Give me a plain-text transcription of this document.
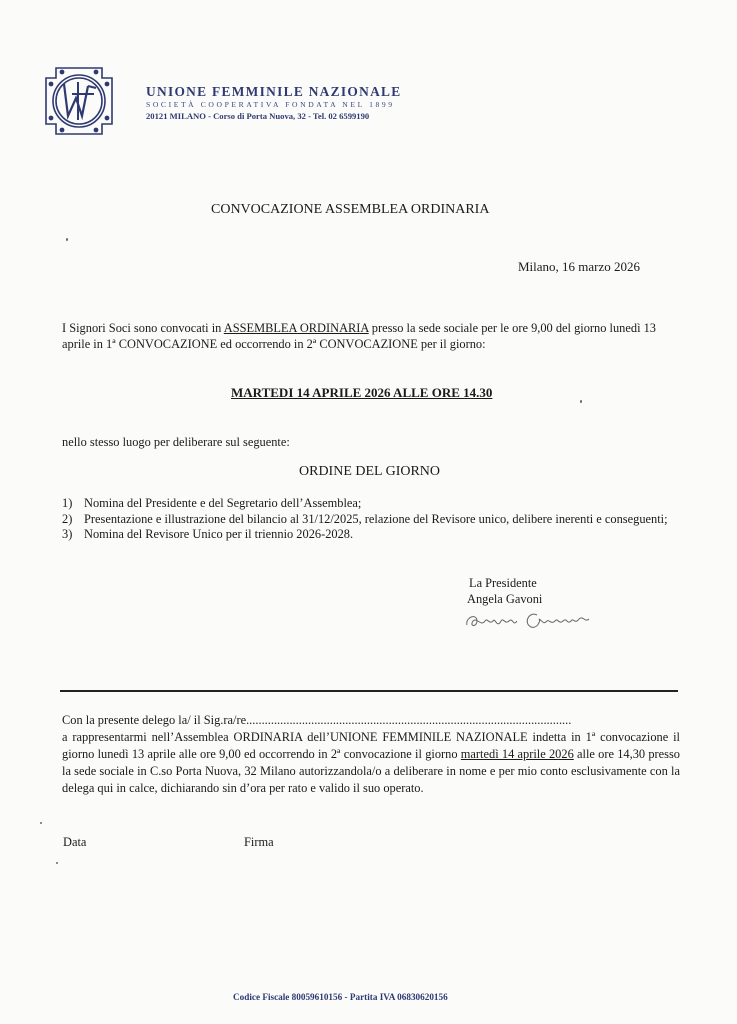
UNIONE FEMMINILE NAZIONALE
SOCIETÀ COOPERATIVA FONDATA NEL 1899
20121 MILANO - Corso di Porta Nuova, 32 - Tel. 02 6599190
CONVOCAZIONE ASSEMBLEA ORDINARIA
Milano, 16 marzo 2026
I Signori Soci sono convocati in ASSEMBLEA ORDINARIA presso la sede sociale per le ore 9,00 del giorno lunedì 13 aprile in 1ª CONVOCAZIONE ed occorrendo in 2ª CONVOCAZIONE per il giorno:
MARTEDI 14 APRILE 2026 ALLE ORE 14.30
nello stesso luogo per deliberare sul seguente:
ORDINE DEL GIORNO
1) Nomina del Presidente e del Segretario dell’Assemblea;
2) Presentazione e illustrazione del bilancio al 31/12/2025, relazione del Revisore unico, delibere inerenti e conseguenti;
3) Nomina del Revisore Unico per il triennio 2026-2028.
La Presidente
Angela Gavoni
Con la presente delego la/ il Sig.ra/re.........................................................................................................
a rappresentarmi nell’Assemblea ORDINARIA dell’UNIONE FEMMINILE NAZIONALE indetta in 1ª convocazione il giorno lunedì 13 aprile alle ore 9,00 ed occorrendo in 2ª convocazione il giorno martedì 14 aprile 2026 alle ore 14,30 presso la sede sociale in C.so Porta Nuova, 32 Milano autorizzandola/o a deliberare in nome e per mio conto esclusivamente con la delega qui in calce, dichiarando sin d’ora per rato e valido il suo operato.
Data	Firma
Codice Fiscale 80059610156 - Partita IVA 06830620156
